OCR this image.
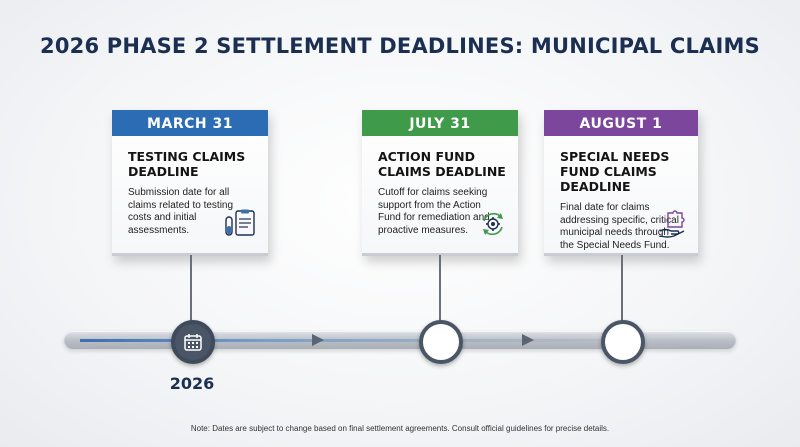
2026 PHASE 2 SETTLEMENT DEADLINES: MUNICIPAL CLAIMS
MARCH 31
TESTING CLAIMS DEADLINE
Submission date for all claims related to testing costs and initial assessments.
JULY 31
ACTION FUND CLAIMS DEADLINE
Cutoff for claims seeking support from the Action Fund for remediation and proactive measures.
AUGUST 1
SPECIAL NEEDS FUND CLAIMS DEADLINE
Final date for claims addressing specific, critical municipal needs through the Special Needs Fund.
2026
Note: Dates are subject to change based on final settlement agreements. Consult official guidelines for precise details.
